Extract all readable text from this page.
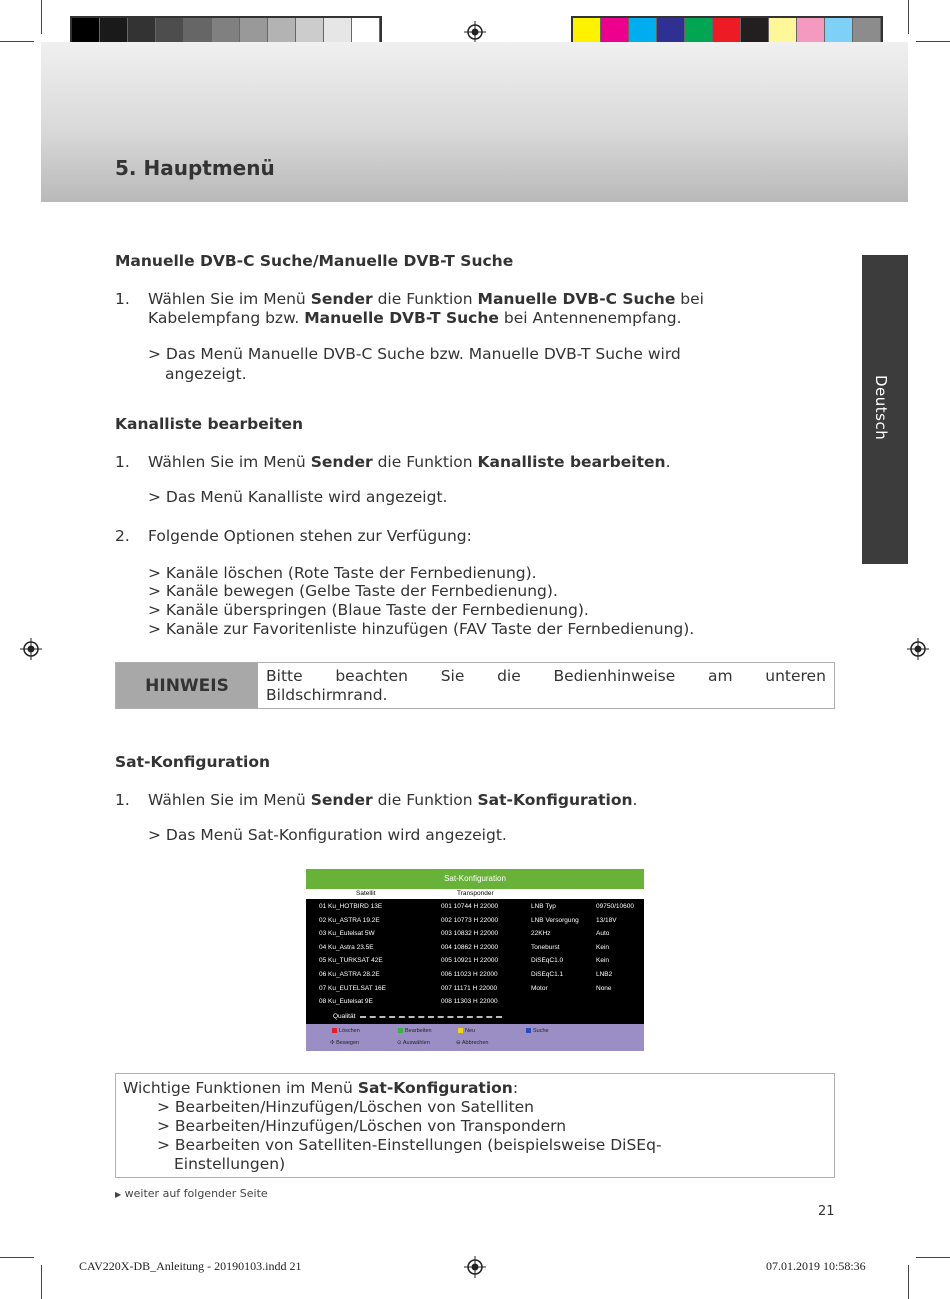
5. Hauptmenü
Deutsch
Manuelle DVB-C Suche/Manuelle DVB-T Suche
1. Wählen Sie im Menü Sender die Funktion Manuelle DVB-C Suche bei
Kabelempfang bzw. Manuelle DVB-T Suche bei Antennenempfang.
> Das Menü Manuelle DVB-C Suche bzw. Manuelle DVB-T Suche wird
angezeigt.
Kanalliste bearbeiten
1. Wählen Sie im Menü Sender die Funktion Kanalliste bearbeiten.
> Das Menü Kanalliste wird angezeigt.
2. Folgende Optionen stehen zur Verfügung:
> Kanäle löschen (Rote Taste der Fernbedienung).
> Kanäle bewegen (Gelbe Taste der Fernbedienung).
> Kanäle überspringen (Blaue Taste der Fernbedienung).
> Kanäle zur Favoritenliste hinzufügen (FAV Taste der Fernbedienung).
HINWEIS	Bitte beachten Sie die Bedienhinweise am unteren
Bildschirmrand.
Sat-Konfiguration
1. Wählen Sie im Menü Sender die Funktion Sat-Konfiguration.
> Das Menü Sat-Konfiguration wird angezeigt.
Sat-Konfiguration
Satellit	Transponder
Ku_ASTRA 19.2E
01 Ku_HOTBIRD 13E	001 10744 H 22000	LNB Typ	09750/10600
02 Ku_ASTRA 19.2E	002 10773 H 22000	LNB Versorgung	13/18V
03 Ku_Eutelsat 5W	003 10832 H 22000	22KHz	Auto
04 Ku_Astra 23.5E	004 10862 H 22000	Toneburst	Kein
05 Ku_TURKSAT 42E	005 10921 H 22000	DiSEqC1.0	Kein
06 Ku_ASTRA 28.2E	006 11023 H 22000	DiSEqC1.1	LNB2
07 Ku_EUTELSAT 16E	007 11171 H 22000	Motor	None
08 Ku_Eutelsat 9E	008 11303 H 22000
Qualität
Löschen	Bearbeiten	Neu	Suche
✣ Bewegen	⊙ Auswählen	⊖ Abbrechen
Wichtige Funktionen im Menü Sat-Konfiguration:
> Bearbeiten/Hinzufügen/Löschen von Satelliten
> Bearbeiten/Hinzufügen/Löschen von Transpondern
> Bearbeiten von Satelliten-Einstellungen (beispielsweise DiSEq-
Einstellungen)
▶ weiter auf folgender Seite
21
CAV220X-DB_Anleitung - 20190103.indd 21	07.01.2019 10:58:36
